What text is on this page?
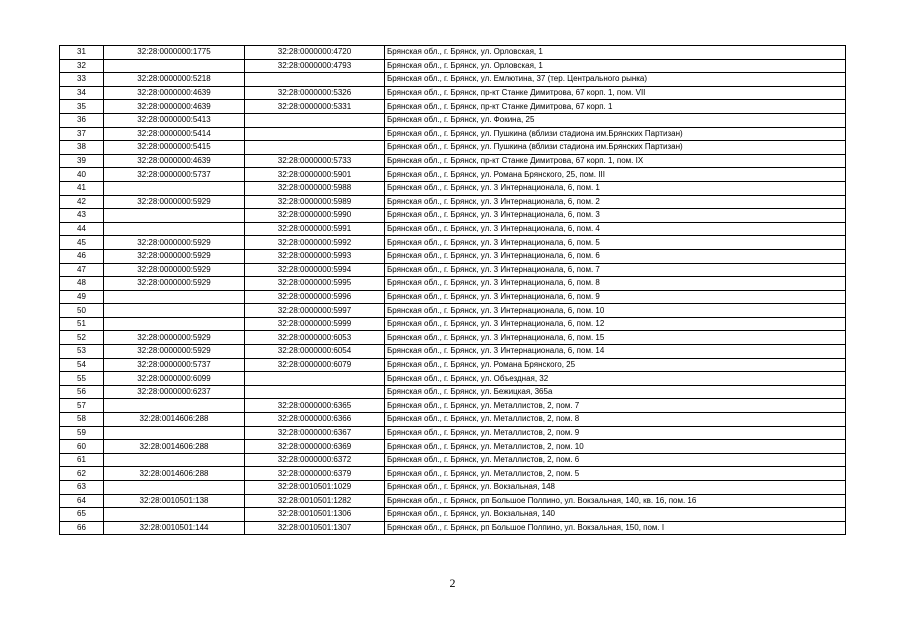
31	32:28:0000000:1775	32:28:0000000:4720	Брянская обл., г. Брянск, ул. Орловская, 1
32		32:28:0000000:4793	Брянская обл., г. Брянск, ул. Орловская, 1
33	32:28:0000000:5218		Брянская обл., г. Брянск, ул. Емлютина, 37 (тер. Центрального рынка)
34	32:28:0000000:4639	32:28:0000000:5326	Брянская обл., г. Брянск, пр-кт Станке Димитрова, 67 корп. 1, пом. VII
35	32:28:0000000:4639	32:28:0000000:5331	Брянская обл., г. Брянск, пр-кт Станке Димитрова, 67 корп. 1
36	32:28:0000000:5413		Брянская обл., г. Брянск, ул. Фокина, 25
37	32:28:0000000:5414		Брянская обл., г. Брянск, ул. Пушкина (вблизи стадиона им.Брянских Партизан)
38	32:28:0000000:5415		Брянская обл., г. Брянск, ул. Пушкина (вблизи стадиона им.Брянских Партизан)
39	32:28:0000000:4639	32:28:0000000:5733	Брянская обл., г. Брянск, пр-кт Станке Димитрова, 67 корп. 1, пом. IX
40	32:28:0000000:5737	32:28:0000000:5901	Брянская обл., г. Брянск, ул. Романа Брянского, 25, пом. III
41		32:28:0000000:5988	Брянская обл., г. Брянск, ул. 3 Интернационала, 6, пом. 1
42	32:28:0000000:5929	32:28:0000000:5989	Брянская обл., г. Брянск, ул. 3 Интернационала, 6, пом. 2
43		32:28:0000000:5990	Брянская обл., г. Брянск, ул. 3 Интернационала, 6, пом. 3
44		32:28:0000000:5991	Брянская обл., г. Брянск, ул. 3 Интернационала, 6, пом. 4
45	32:28:0000000:5929	32:28:0000000:5992	Брянская обл., г. Брянск, ул. 3 Интернационала, 6, пом. 5
46	32:28:0000000:5929	32:28:0000000:5993	Брянская обл., г. Брянск, ул. 3 Интернационала, 6, пом. 6
47	32:28:0000000:5929	32:28:0000000:5994	Брянская обл., г. Брянск, ул. 3 Интернационала, 6, пом. 7
48	32:28:0000000:5929	32:28:0000000:5995	Брянская обл., г. Брянск, ул. 3 Интернационала, 6, пом. 8
49		32:28:0000000:5996	Брянская обл., г. Брянск, ул. 3 Интернационала, 6, пом. 9
50		32:28:0000000:5997	Брянская обл., г. Брянск, ул. 3 Интернационала, 6, пом. 10
51		32:28:0000000:5999	Брянская обл., г. Брянск, ул. 3 Интернационала, 6, пом. 12
52	32:28:0000000:5929	32:28:0000000:6053	Брянская обл., г. Брянск, ул. 3 Интернационала, 6, пом. 15
53	32:28:0000000:5929	32:28:0000000:6054	Брянская обл., г. Брянск, ул. 3 Интернационала, 6, пом. 14
54	32:28:0000000:5737	32:28:0000000:6079	Брянская обл., г. Брянск, ул. Романа Брянского, 25
55	32:28:0000000:6099		Брянская обл., г. Брянск, ул. Объездная, 32
56	32:28:0000000:6237		Брянская обл., г. Брянск, ул. Бежицкая, 365а
57		32:28:0000000:6365	Брянская обл., г. Брянск, ул. Металлистов, 2, пом. 7
58	32:28:0014606:288	32:28:0000000:6366	Брянская обл., г. Брянск, ул. Металлистов, 2, пом. 8
59		32:28:0000000:6367	Брянская обл., г. Брянск, ул. Металлистов, 2, пом. 9
60	32:28:0014606:288	32:28:0000000:6369	Брянская обл., г. Брянск, ул. Металлистов, 2, пом. 10
61		32:28:0000000:6372	Брянская обл., г. Брянск, ул. Металлистов, 2, пом. 6
62	32:28:0014606:288	32:28:0000000:6379	Брянская обл., г. Брянск, ул. Металлистов, 2, пом. 5
63		32:28:0010501:1029	Брянская обл., г. Брянск, ул. Вокзальная, 148
64	32:28:0010501:138	32:28:0010501:1282	Брянская обл., г. Брянск, рп Большое Полпино, ул. Вокзальная, 140, кв. 16, пом. 16
65		32:28:0010501:1306	Брянская обл., г. Брянск, ул. Вокзальная, 140
66	32:28:0010501:144	32:28:0010501:1307	Брянская обл., г. Брянск, рп Большое Полпино, ул. Вокзальная, 150, пом. I
2
